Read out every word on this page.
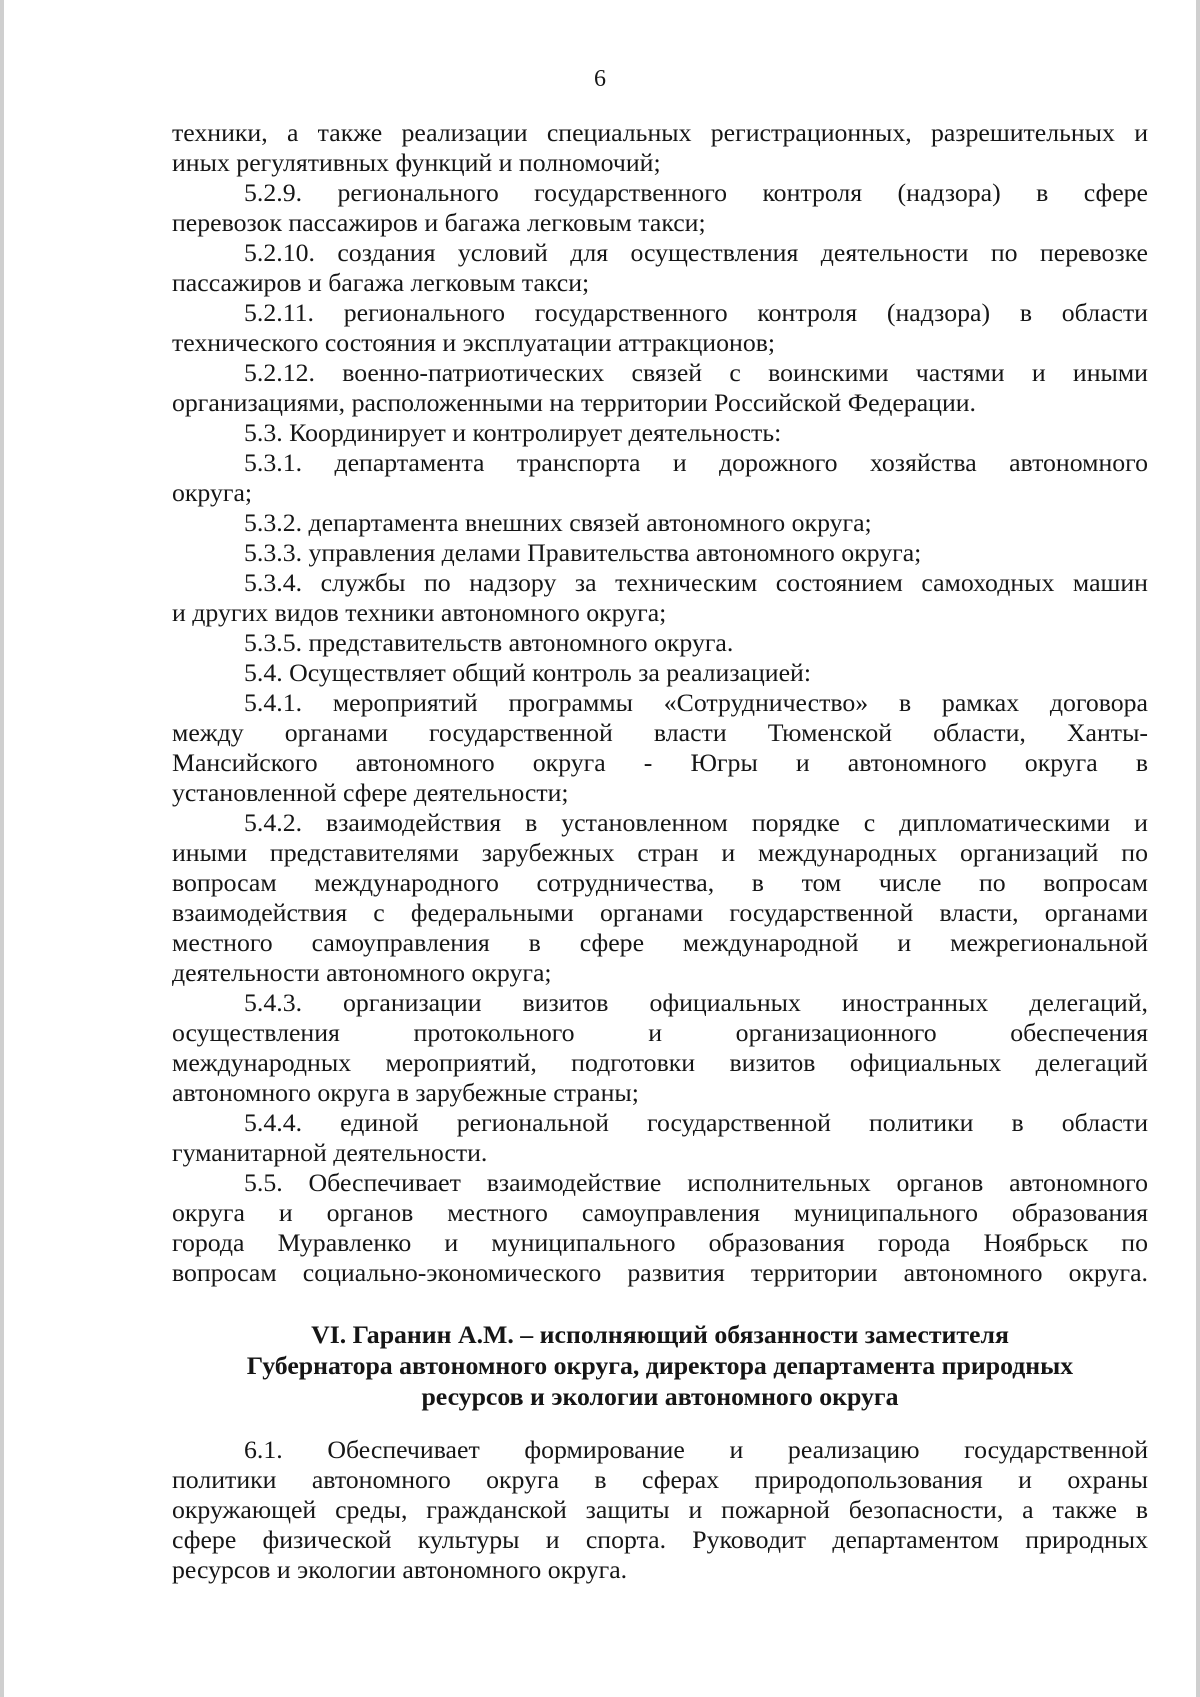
6

техники, а также реализации специальных регистрационных, разрешительных и

иных регулятивных функций и полномочий;

5.2.9. регионального государственного контроля (надзора) в сфере

перевозок пассажиров и багажа легковым такси;

5.2.10. создания условий для осуществления деятельности по перевозке

пассажиров и багажа легковым такси;

5.2.11. регионального государственного контроля (надзора) в области

технического состояния и эксплуатации аттракционов;

5.2.12. военно-патриотических связей с воинскими частями и иными

организациями, расположенными на территории Российской Федерации.

5.3. Координирует и контролирует деятельность:

5.3.1. департамента транспорта и дорожного хозяйства автономного

округа;

5.3.2. департамента внешних связей автономного округа;

5.3.3. управления делами Правительства автономного округа;

5.3.4. службы по надзору за техническим состоянием самоходных машин

и других видов техники автономного округа;

5.3.5. представительств автономного округа.

5.4. Осуществляет общий контроль за реализацией:

5.4.1. мероприятий программы «Сотрудничество» в рамках договора

между органами государственной власти Тюменской области, Ханты-

Мансийского автономного округа - Югры и автономного округа в

установленной сфере деятельности;

5.4.2. взаимодействия в установленном порядке с дипломатическими и

иными представителями зарубежных стран и международных организаций по

вопросам международного сотрудничества, в том числе по вопросам

взаимодействия с федеральными органами государственной власти, органами

местного самоуправления в сфере международной и межрегиональной

деятельности автономного округа;

5.4.3. организации визитов официальных иностранных делегаций,

осуществления протокольного и организационного обеспечения

международных мероприятий, подготовки визитов официальных делегаций

автономного округа в зарубежные страны;

5.4.4. единой региональной государственной политики в области

гуманитарной деятельности.

5.5. Обеспечивает взаимодействие исполнительных органов автономного

округа и органов местного самоуправления муниципального образования

города Муравленко и муниципального образования города Ноябрьск по

вопросам социально-экономического развития территории автономного округа.

VI. Гаранин А.М. – исполняющий обязанности заместителя

Губернатора автономного округа, директора департамента природных

ресурсов и экологии автономного округа

6.1. Обеспечивает формирование и реализацию государственной

политики автономного округа в сферах природопользования и охраны

окружающей среды, гражданской защиты и пожарной безопасности, а также в

сфере физической культуры и спорта. Руководит департаментом природных

ресурсов и экологии автономного округа.
